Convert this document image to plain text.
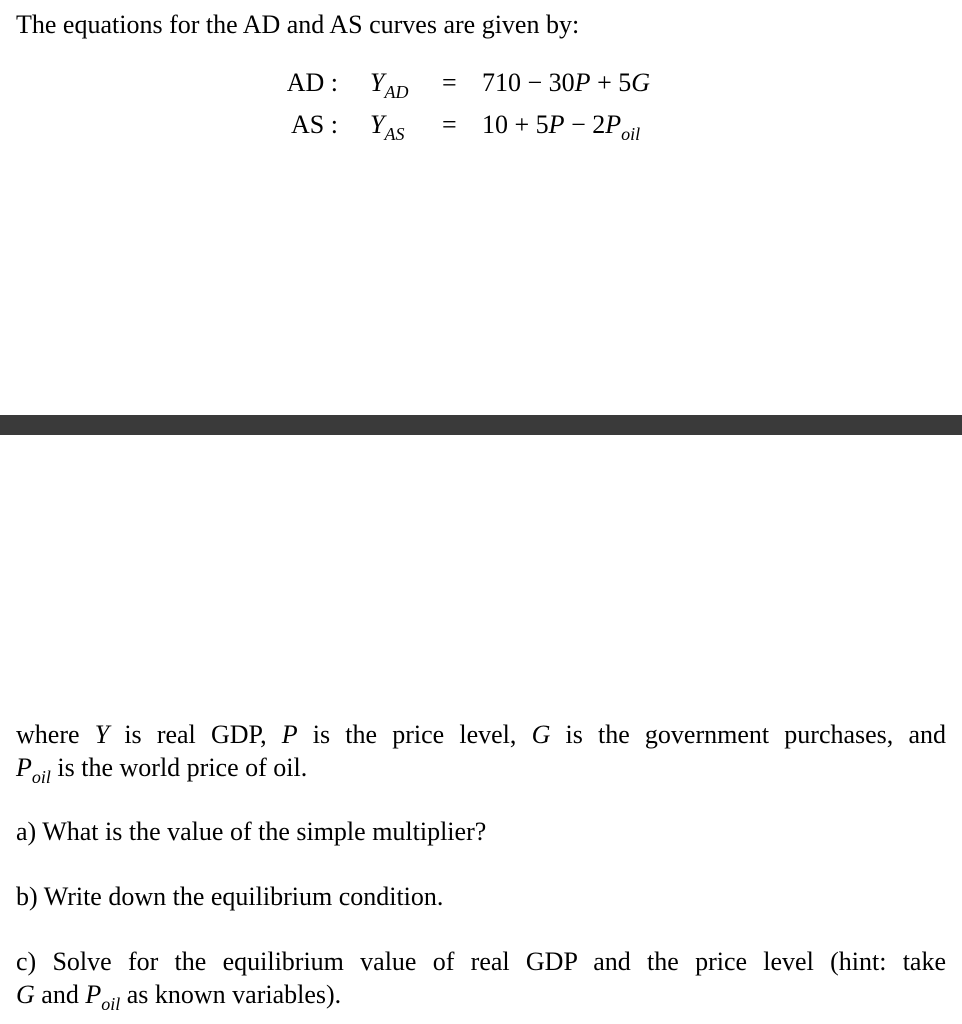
The equations for the AD and AS curves are given by:
AD : $Y_{AD} = 710 - 30P + 5G$
AS : $Y_{AS} = 10 + 5P - 2P_{oil}$
where Y is real GDP, P is the price level, G is the government purchases, and
$P_{oil}$ is the world price of oil.
a) What is the value of the simple multiplier?
b) Write down the equilibrium condition.
c) Solve for the equilibrium value of real GDP and the price level (hint: take
G and $P_{oil}$ as known variables).
